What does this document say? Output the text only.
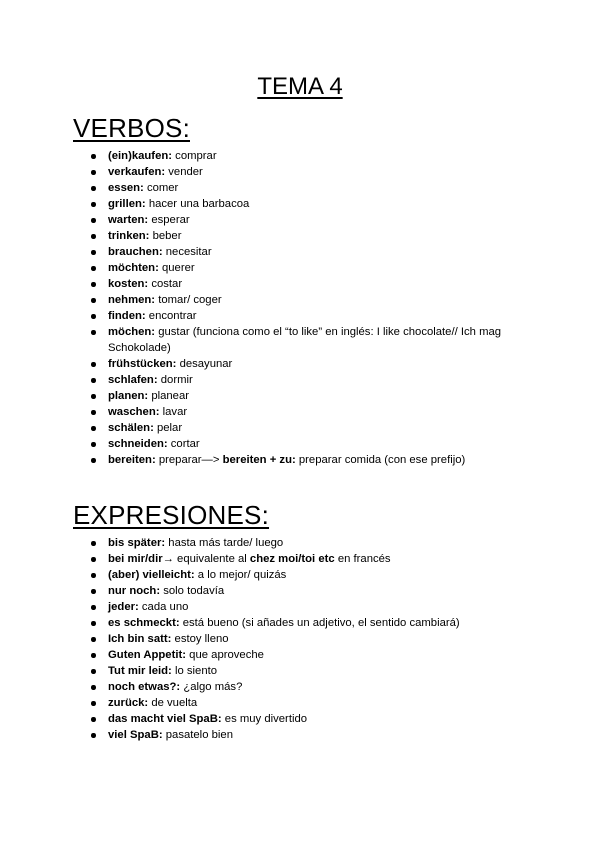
TEMA 4
VERBOS:
(ein)kaufen: comprar
verkaufen: vender
essen: comer
grillen: hacer una barbacoa
warten: esperar
trinken: beber
brauchen: necesitar
möchten: querer
kosten: costar
nehmen: tomar/ coger
finden: encontrar
möchen: gustar (funciona como el “to like” en inglés: I like chocolate// Ich mag Schokolade)
frühstücken: desayunar
schlafen: dormir
planen: planear
waschen: lavar
schälen: pelar
schneiden: cortar
bereiten: preparar—> bereiten + zu: preparar comida (con ese prefijo)
EXPRESIONES:
bis später: hasta más tarde/ luego
bei mir/dir→ equivalente al chez moi/toi etc en francés
(aber) vielleicht: a lo mejor/ quizás
nur noch: solo todavía
jeder: cada uno
es schmeckt: está bueno (si añades un adjetivo, el sentido cambiará)
Ich bin satt: estoy lleno
Guten Appetit: que aproveche
Tut mir leid: lo siento
noch etwas?: ¿algo más?
zurück: de vuelta
das macht viel SpaB: es muy divertido
viel SpaB: pasatelo bien
